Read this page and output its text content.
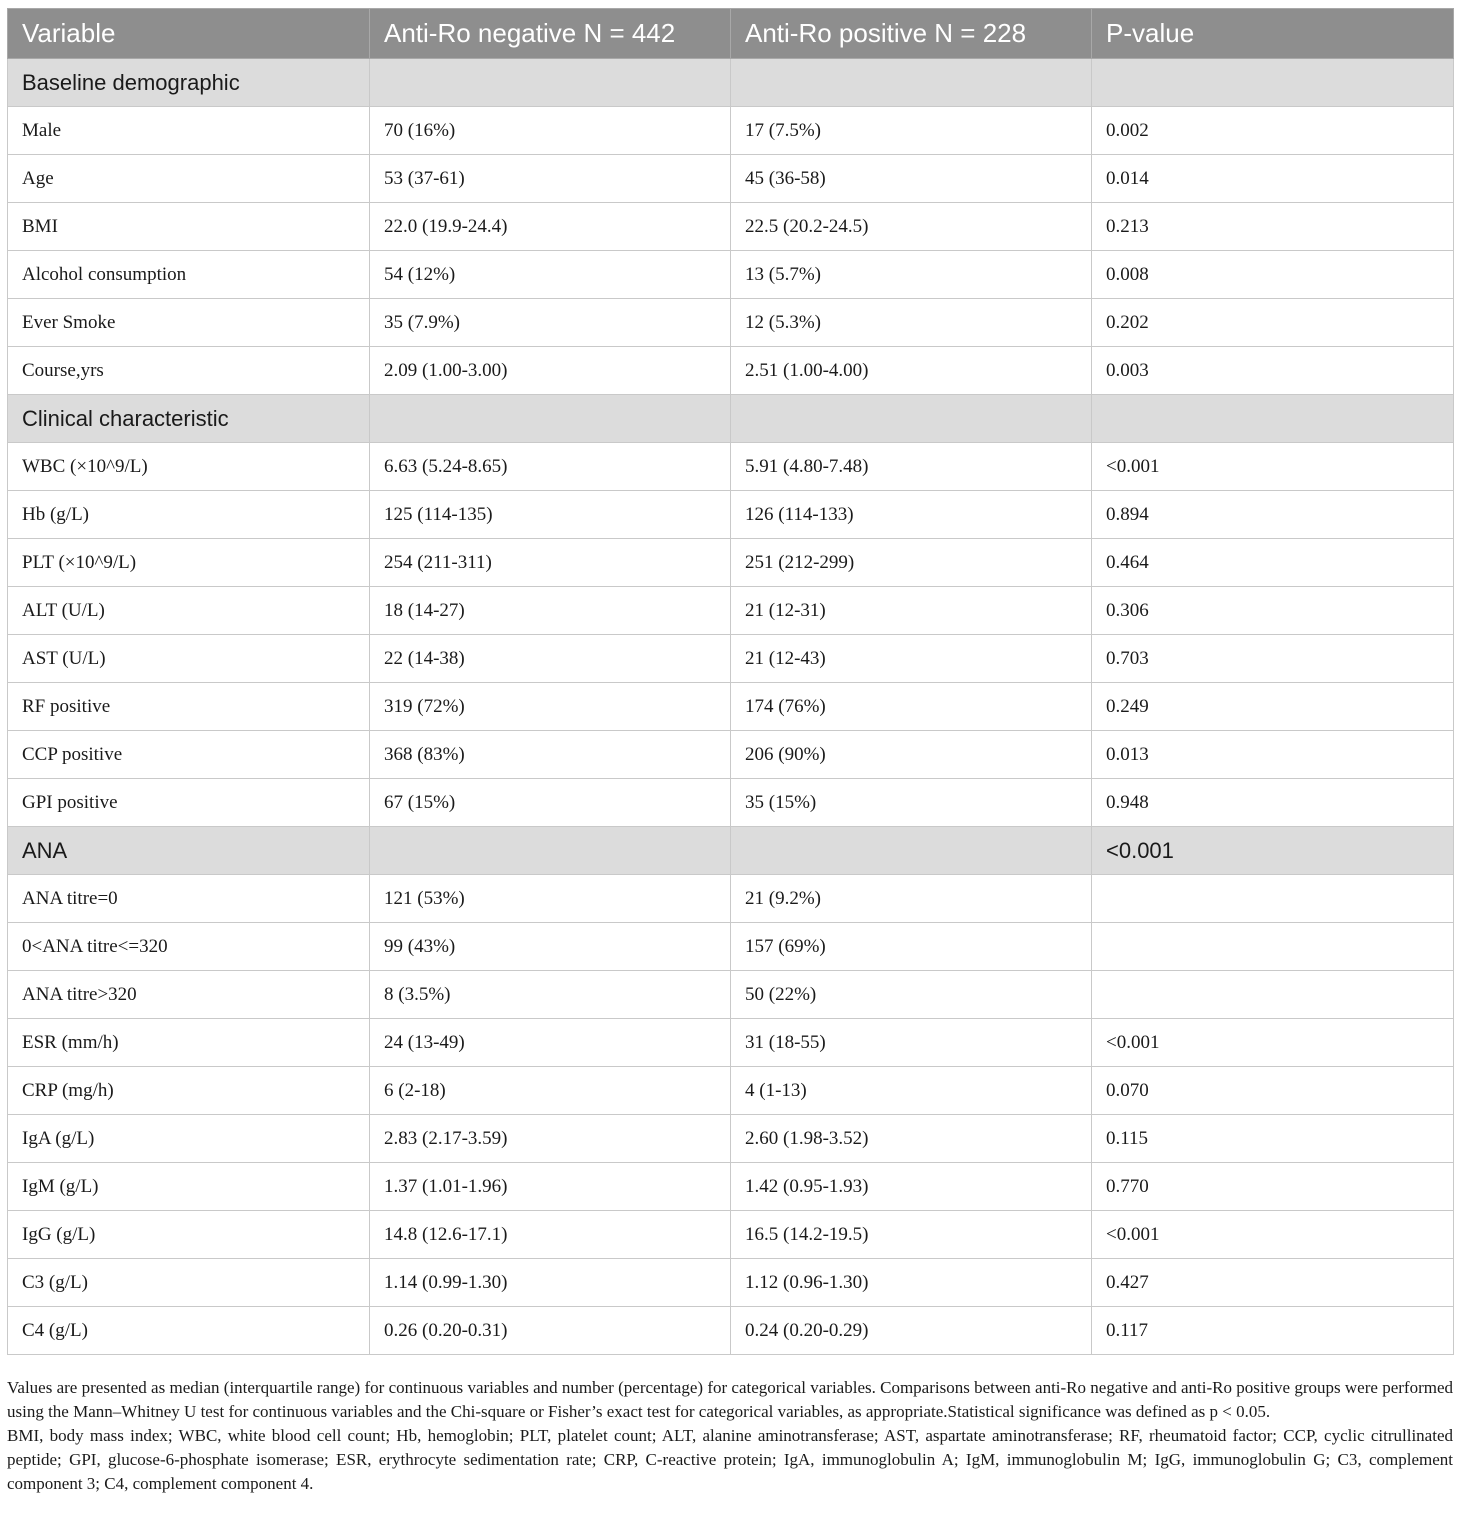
Variable	Anti-Ro negative N = 442	Anti-Ro positive N = 228	P-value
Baseline demographic			
Male	70 (16%)	17 (7.5%)	0.002
Age	53 (37-61)	45 (36-58)	0.014
BMI	22.0 (19.9-24.4)	22.5 (20.2-24.5)	0.213
Alcohol consumption	54 (12%)	13 (5.7%)	0.008
Ever Smoke	35 (7.9%)	12 (5.3%)	0.202
Course,yrs	2.09 (1.00-3.00)	2.51 (1.00-4.00)	0.003
Clinical characteristic			
WBC (×10^9/L)	6.63 (5.24-8.65)	5.91 (4.80-7.48)	<0.001
Hb (g/L)	125 (114-135)	126 (114-133)	0.894
PLT (×10^9/L)	254 (211-311)	251 (212-299)	0.464
ALT (U/L)	18 (14-27)	21 (12-31)	0.306
AST (U/L)	22 (14-38)	21 (12-43)	0.703
RF positive	319 (72%)	174 (76%)	0.249
CCP positive	368 (83%)	206 (90%)	0.013
GPI positive	67 (15%)	35 (15%)	0.948
ANA			<0.001
ANA titre=0	121 (53%)	21 (9.2%)	
0<ANA titre<=320	99 (43%)	157 (69%)	
ANA titre>320	8 (3.5%)	50 (22%)	
ESR (mm/h)	24 (13-49)	31 (18-55)	<0.001
CRP (mg/h)	6 (2-18)	4 (1-13)	0.070
IgA (g/L)	2.83 (2.17-3.59)	2.60 (1.98-3.52)	0.115
IgM (g/L)	1.37 (1.01-1.96)	1.42 (0.95-1.93)	0.770
IgG (g/L)	14.8 (12.6-17.1)	16.5 (14.2-19.5)	<0.001
C3 (g/L)	1.14 (0.99-1.30)	1.12 (0.96-1.30)	0.427
C4 (g/L)	0.26 (0.20-0.31)	0.24 (0.20-0.29)	0.117

Values are presented as median (interquartile range) for continuous variables and number (percentage) for categorical variables. Comparisons between anti-Ro negative and anti-Ro positive groups were performed using the Mann–Whitney U test for continuous variables and the Chi-square or Fisher’s exact test for categorical variables, as appropriate.Statistical significance was defined as p < 0.05.

BMI, body mass index; WBC, white blood cell count; Hb, hemoglobin; PLT, platelet count; ALT, alanine aminotransferase; AST, aspartate aminotransferase; RF, rheumatoid factor; CCP, cyclic citrullinated peptide; GPI, glucose-6-phosphate isomerase; ESR, erythrocyte sedimentation rate; CRP, C-reactive protein; IgA, immunoglobulin A; IgM, immunoglobulin M; IgG, immunoglobulin G; C3, complement component 3; C4, complement component 4.
